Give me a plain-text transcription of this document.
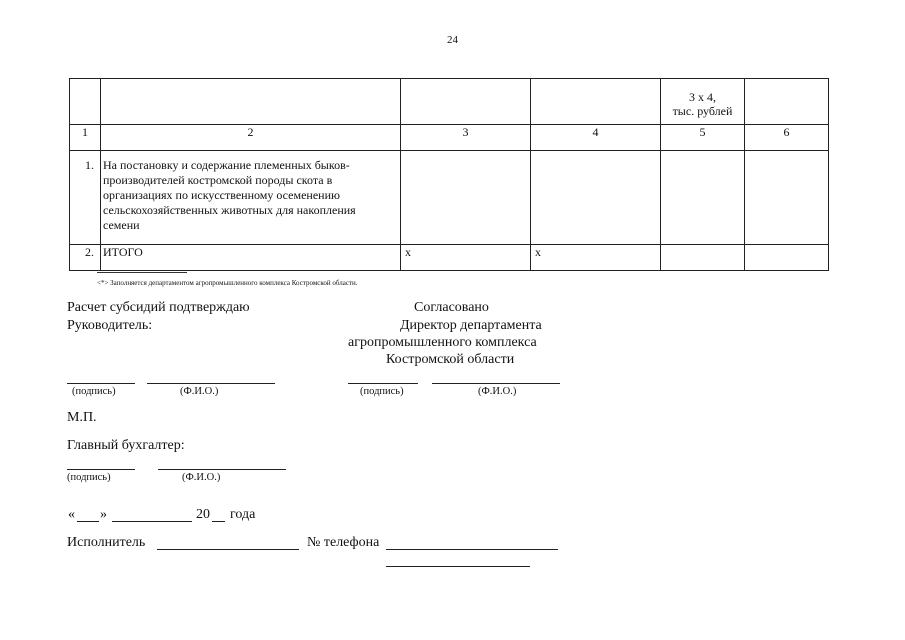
24

				3 x 4,
тыс. рублей	

1	2	3	4	5	6
1.	На постановку и содержание племенных быков-
производителей костромской породы скота в
организациях по искусственному осеменению
сельскохозяйственных животных для накопления
семени				

2.	ИТОГО	x	x		
<*> Заполняется департаментом агропромышленного комплекса Костромской области.
Расчет субсидий подтверждаю
Руководитель:
Согласовано
Директор департамента
агропромышленного комплекса
Костромской области
(подпись)	(Ф.И.О.)	(подпись)	(Ф.И.О.)
М.П.
Главный бухгалтер:
(подпись)	(Ф.И.О.)
« »	20 года
Исполнитель	№ телефона
